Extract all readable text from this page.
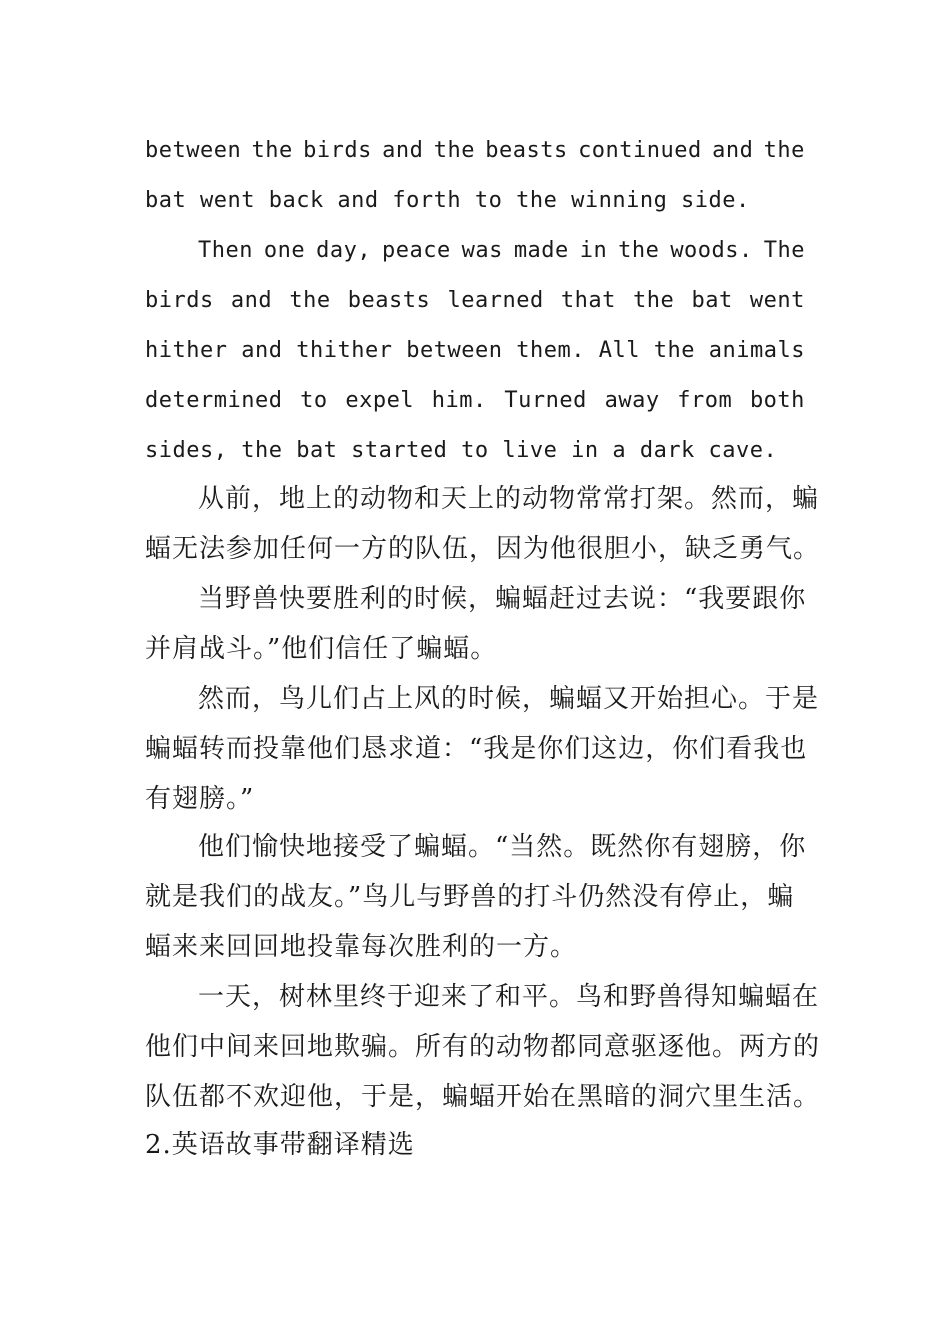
between the birds and the beasts continued and the
bat went back and forth to the winning side.
Then one day, peace was made in the woods. The
birds and the beasts learned that the bat went
hither and thither between them. All the animals
determined to expel him. Turned away from both
sides, the bat started to live in a dark cave.
从前，地上的动物和天上的动物常常打架。然而，蝙
蝠无法参加任何一方的队伍，因为他很胆小，缺乏勇气。
当野兽快要胜利的时候，蝙蝠赶过去说：“我要跟你
并肩战斗。”他们信任了蝙蝠。
然而，鸟儿们占上风的时候，蝙蝠又开始担心。于是
蝙蝠转而投靠他们恳求道：“我是你们这边，你们看我也
有翅膀。”
他们愉快地接受了蝙蝠。“当然。既然你有翅膀，你
就是我们的战友。”鸟儿与野兽的打斗仍然没有停止，蝙
蝠来来回回地投靠每次胜利的一方。
一天，树林里终于迎来了和平。鸟和野兽得知蝙蝠在
他们中间来回地欺骗。所有的动物都同意驱逐他。两方的
队伍都不欢迎他，于是，蝙蝠开始在黑暗的洞穴里生活。
2.英语故事带翻译精选
